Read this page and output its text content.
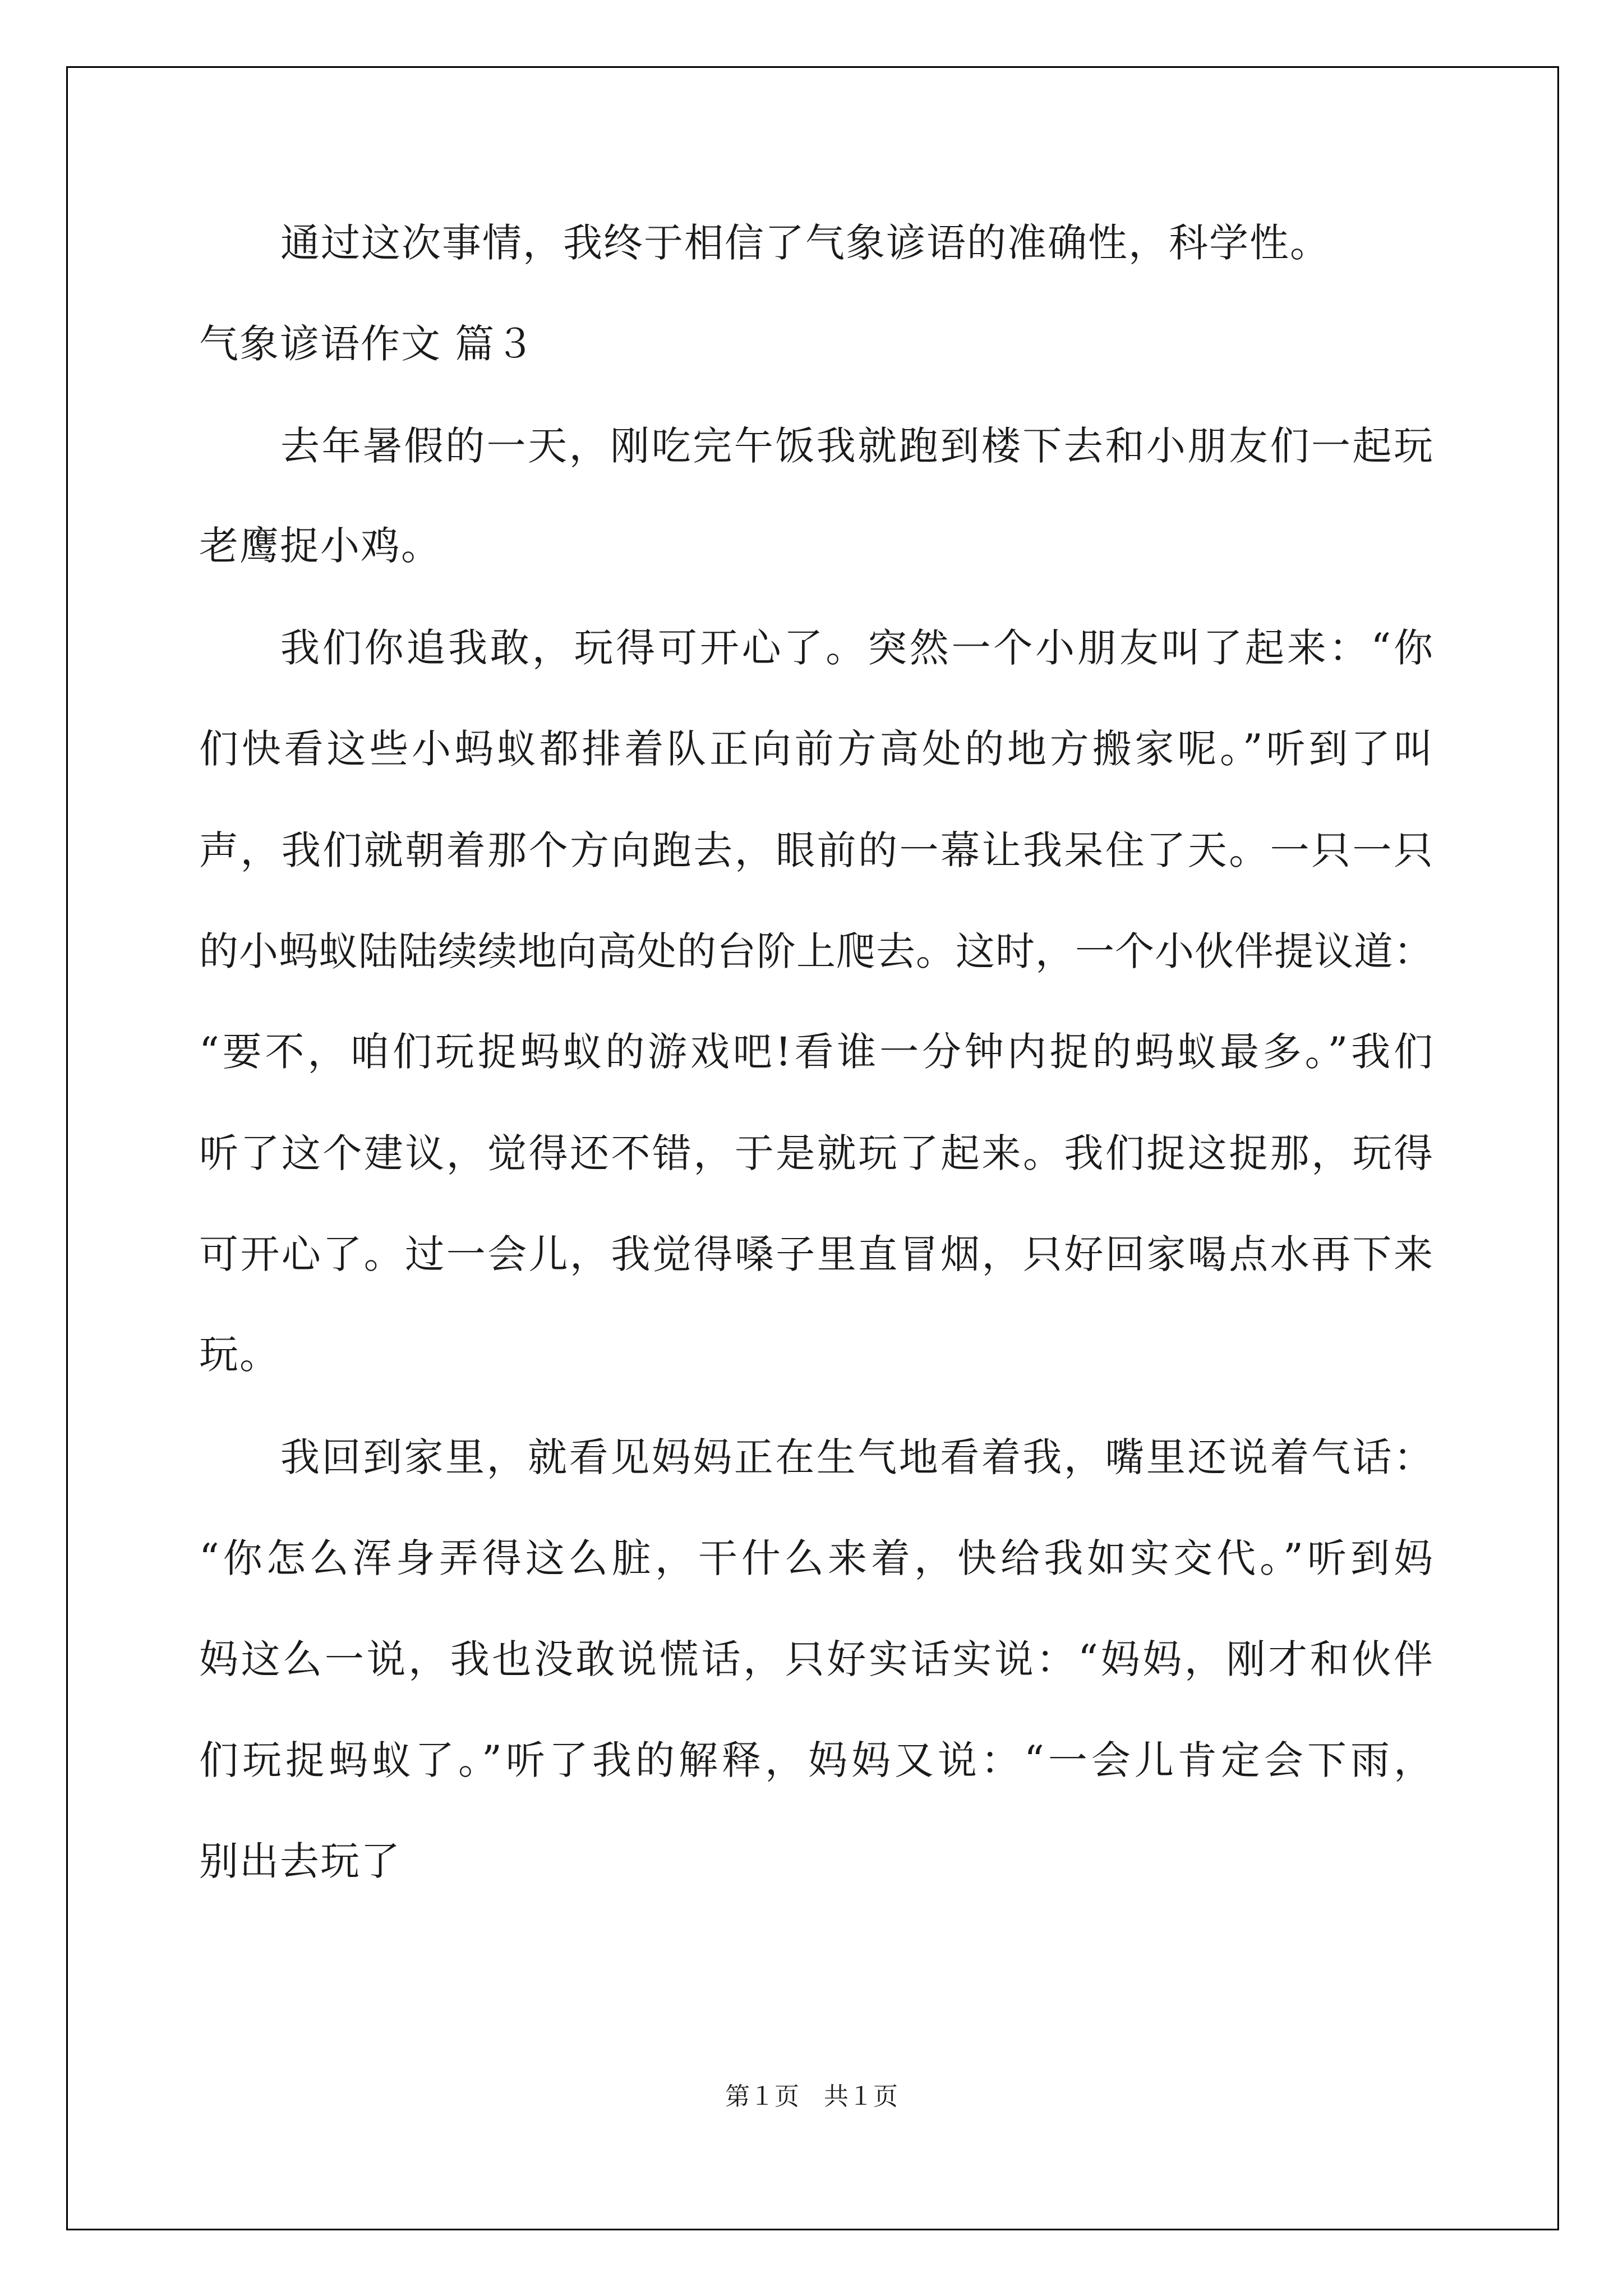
通过这次事情，我终于相信了气象谚语的准确性，科学性。

气象谚语作文 篇３

去年暑假的一天，刚吃完午饭我就跑到楼下去和小朋友们一起玩

老鹰捉小鸡。

我们你追我敢，玩得可开心了。突然一个小朋友叫了起来：“你

们快看这些小蚂蚁都排着队正向前方高处的地方搬家呢。”听到了叫

声，我们就朝着那个方向跑去，眼前的一幕让我呆住了天。一只一只

的小蚂蚁陆陆续续地向高处的台阶上爬去。这时，一个小伙伴提议道：

“要不，咱们玩捉蚂蚁的游戏吧!看谁一分钟内捉的蚂蚁最多。”我们

听了这个建议，觉得还不错，于是就玩了起来。我们捉这捉那，玩得

可开心了。过一会儿，我觉得嗓子里直冒烟，只好回家喝点水再下来

玩。

我回到家里，就看见妈妈正在生气地看着我，嘴里还说着气话：

“你怎么浑身弄得这么脏，干什么来着，快给我如实交代。”听到妈

妈这么一说，我也没敢说慌话，只好实话实说：“妈妈，刚才和伙伴

们玩捉蚂蚁了。”听了我的解释，妈妈又说：“一会儿肯定会下雨，

别出去玩了

第１页　共１页
